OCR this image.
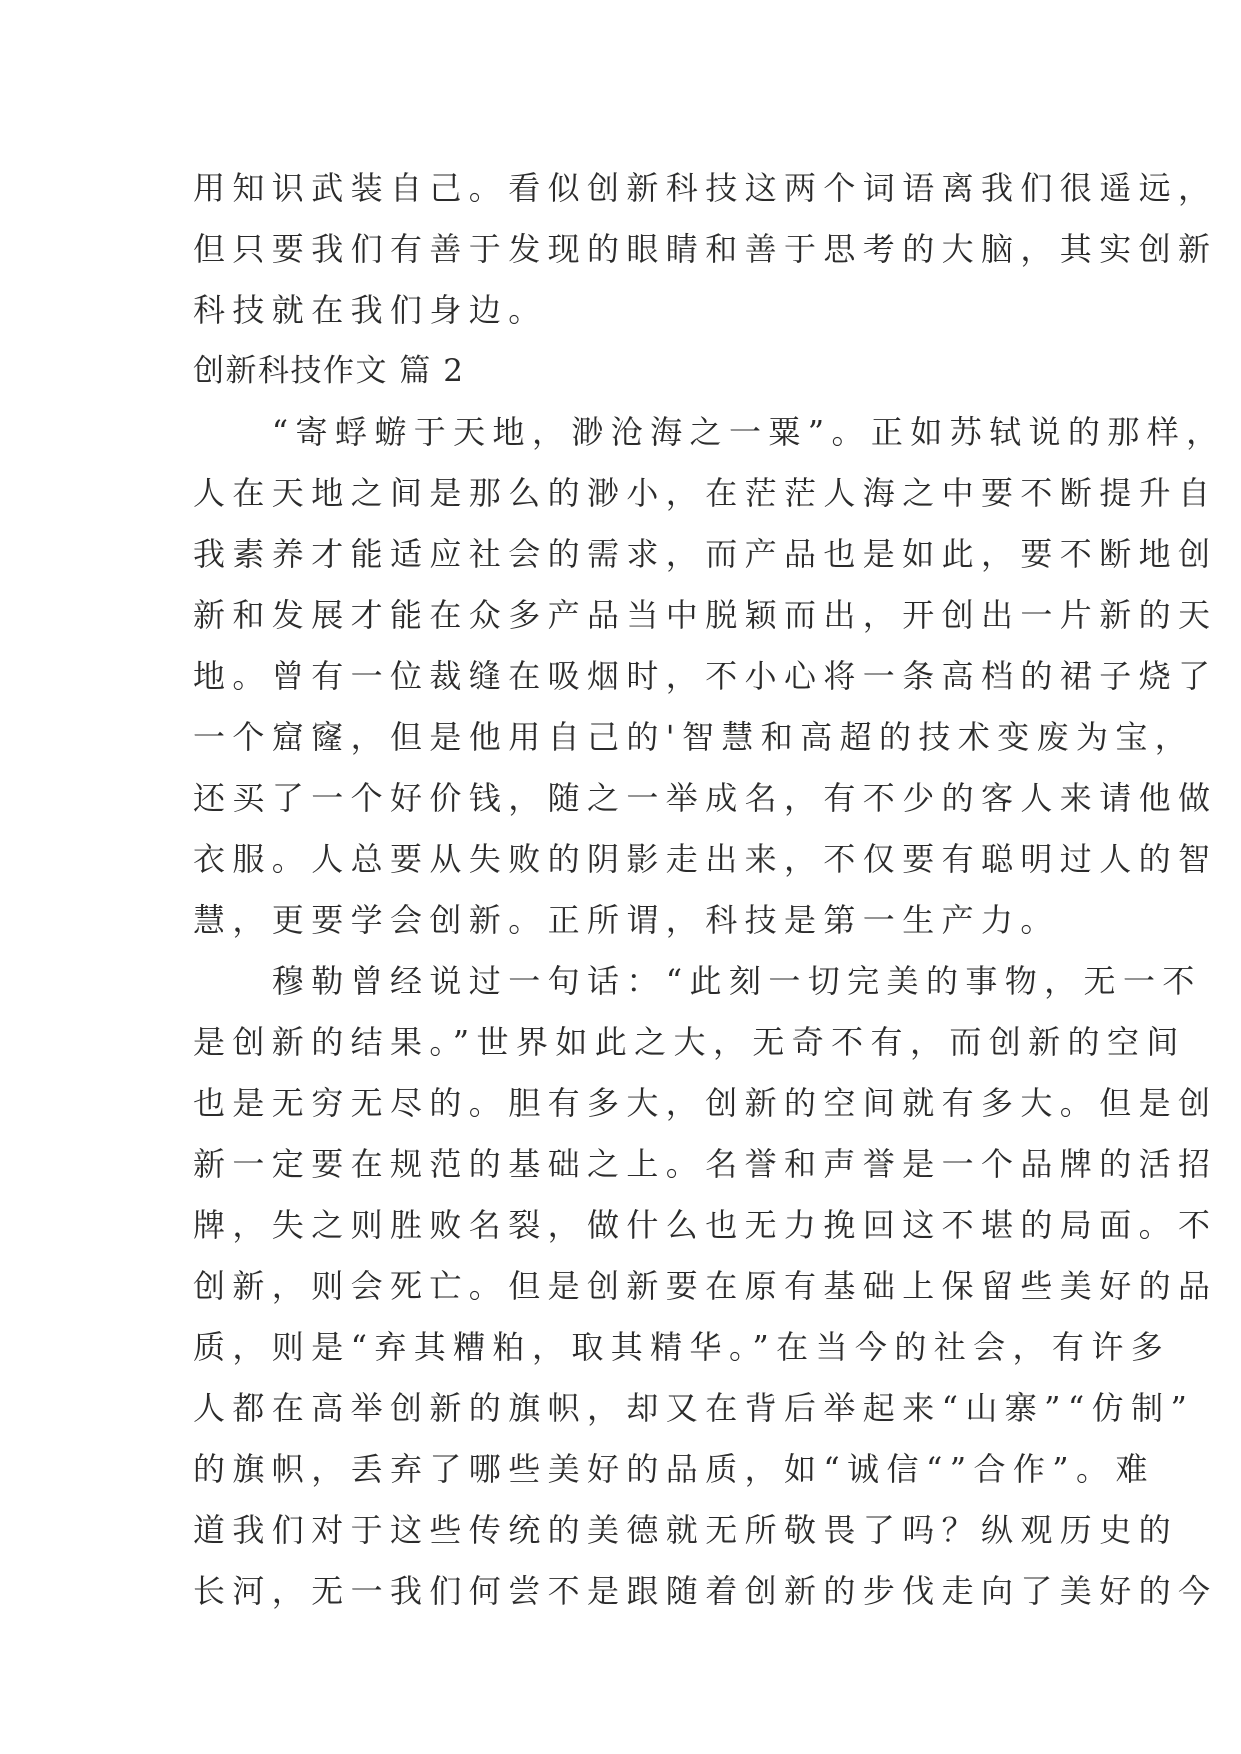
用知识武装自己。看似创新科技这两个词语离我们很遥远，
但只要我们有善于发现的眼睛和善于思考的大脑，其实创新
科技就在我们身边。
创新科技作文 篇 2
　　“寄蜉蝣于天地，渺沧海之一粟”。正如苏轼说的那样，
人在天地之间是那么的渺小，在茫茫人海之中要不断提升自
我素养才能适应社会的需求，而产品也是如此，要不断地创
新和发展才能在众多产品当中脱颖而出，开创出一片新的天
地。曾有一位裁缝在吸烟时，不小心将一条高档的裙子烧了
一个窟窿，但是他用自己的'智慧和高超的技术变废为宝，
还买了一个好价钱，随之一举成名，有不少的客人来请他做
衣服。人总要从失败的阴影走出来，不仅要有聪明过人的智
慧，更要学会创新。正所谓，科技是第一生产力。
　　穆勒曾经说过一句话：“此刻一切完美的事物，无一不
是创新的结果。”世界如此之大，无奇不有，而创新的空间
也是无穷无尽的。胆有多大，创新的空间就有多大。但是创
新一定要在规范的基础之上。名誉和声誉是一个品牌的活招
牌，失之则胜败名裂，做什么也无力挽回这不堪的局面。不
创新，则会死亡。但是创新要在原有基础上保留些美好的品
质，则是“弃其糟粕，取其精华。”在当今的社会，有许多
人都在高举创新的旗帜，却又在背后举起来“山寨”“仿制”
的旗帜，丢弃了哪些美好的品质，如“诚信“”合作”。难
道我们对于这些传统的美德就无所敬畏了吗？纵观历史的
长河，无一我们何尝不是跟随着创新的步伐走向了美好的今
